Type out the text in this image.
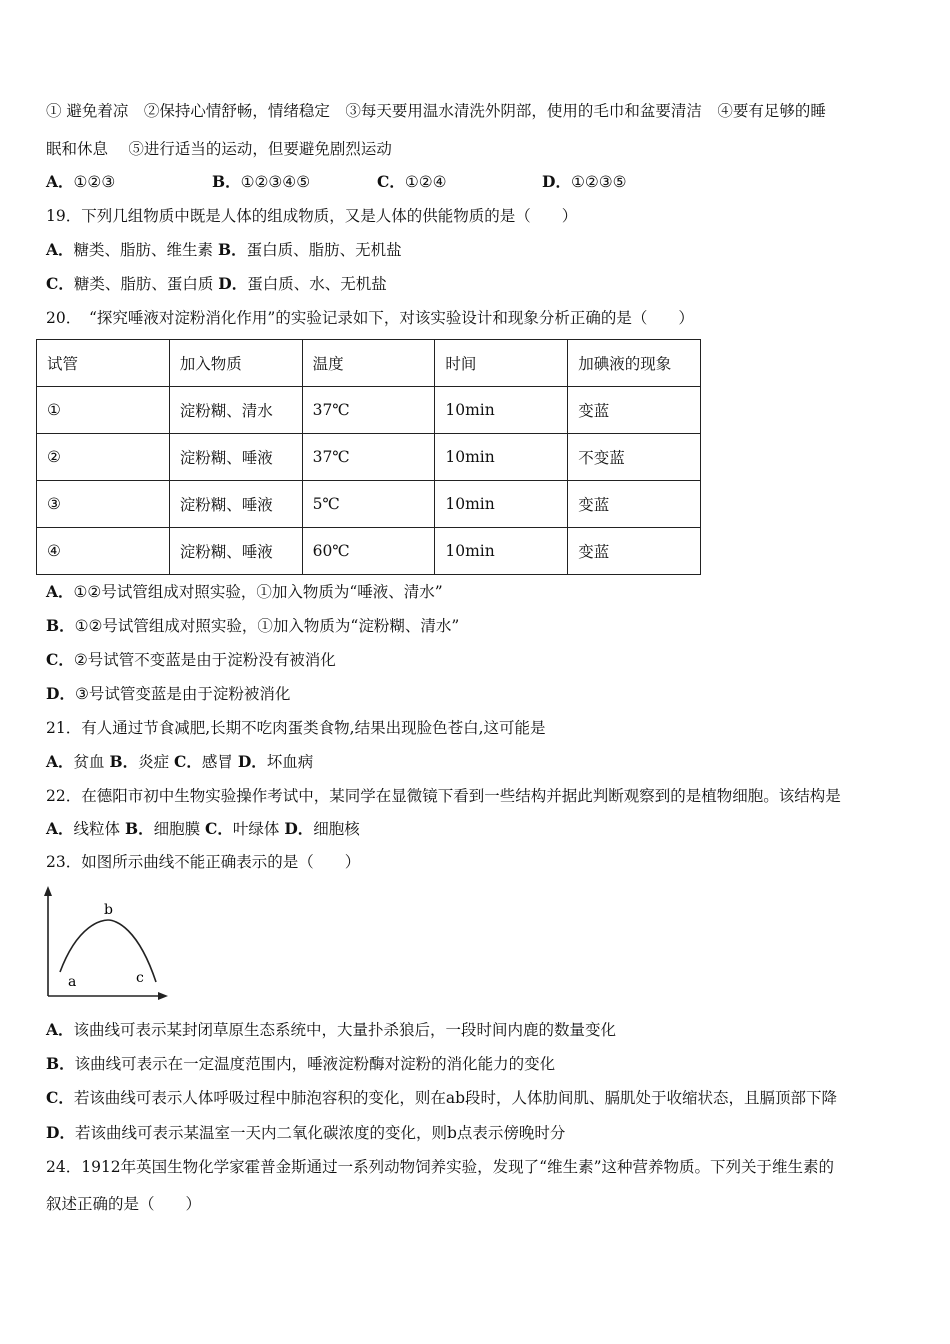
① 避免着凉　②保持心情舒畅，情绪稳定　③每天要用温水清洗外阴部，使用的毛巾和盆要清洁　④要有足够的睡
眠和休息　 ⑤进行适当的运动，但要避免剧烈运动
A．①②③	B．①②③④⑤	C．①②④	D．①②③⑤
19．下列几组物质中既是人体的组成物质，又是人体的供能物质的是（　　）
A．糖类、脂肪、维生素 B．蛋白质、脂肪、无机盐
C．糖类、脂肪、蛋白质 D．蛋白质、水、无机盐
20．　“探究唾液对淀粉消化作用”的实验记录如下，对该实验设计和现象分析正确的是（　　）
试管	加入物质	温度	时间	加碘液的现象
①	淀粉糊、清水	37℃	10min	变蓝
②	淀粉糊、唾液	37℃	10min	不变蓝
③	淀粉糊、唾液	5℃	10min	变蓝
④	淀粉糊、唾液	60℃	10min	变蓝
A．①②号试管组成对照实验，①加入物质为“唾液、清水”
B．①②号试管组成对照实验，①加入物质为“淀粉糊、清水”
C．②号试管不变蓝是由于淀粉没有被消化
D．③号试管变蓝是由于淀粉被消化
21．有人通过节食减肥,长期不吃肉蛋类食物,结果出现脸色苍白,这可能是
A．贫血 B．炎症 C．感冒 D．坏血病
22．在德阳市初中生物实验操作考试中，某同学在显微镜下看到一些结构并据此判断观察到的是植物细胞。该结构是
A．线粒体 B．细胞膜 C．叶绿体 D．细胞核
23．如图所示曲线不能正确表示的是（　　）
a
b
c
A．该曲线可表示某封闭草原生态系统中，大量扑杀狼后，一段时间内鹿的数量变化
B．该曲线可表示在一定温度范围内，唾液淀粉酶对淀粉的消化能力的变化
C．若该曲线可表示人体呼吸过程中肺泡容积的变化，则在ab段时，人体肋间肌、膈肌处于收缩状态，且膈顶部下降
D．若该曲线可表示某温室一天内二氧化碳浓度的变化，则b点表示傍晚时分
24．1912年英国生物化学家霍普金斯通过一系列动物饲养实验，发现了“维生素”这种营养物质。下列关于维生素的
叙述正确的是（　　）
